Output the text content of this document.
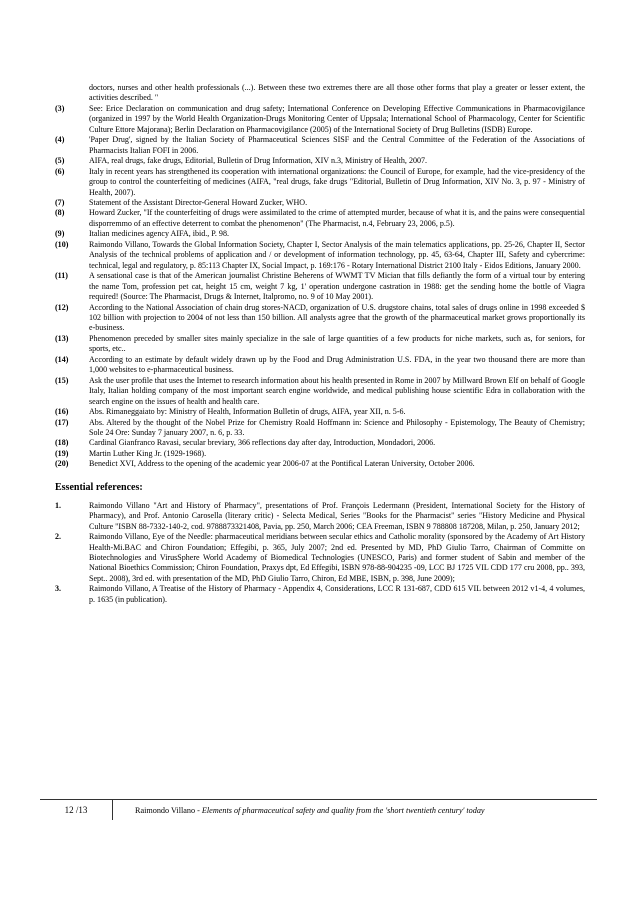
doctors, nurses and other health professionals (...). Between these two extremes there are all those other forms that play a greater or lesser extent, the activities described. "
(3)	See: Erice Declaration on communication and drug safety; International Conference on Developing Effective Communications in Pharmacovigilance (organized in 1997 by the World Health Organization-Drugs Monitoring Center of Uppsala; International School of Pharmacology, Center for Scientific Culture Ettore Majorana); Berlin Declaration on Pharmacovigilance (2005) of the International Society of Drug Bulletins (ISDB) Europe.
(4)	'Paper Drug', signed by the Italian Society of Pharmaceutical Sciences SISF and the Central Committee of the Federation of the Associations of Pharmacists Italian FOFI in 2006.
(5)	AIFA, real drugs, fake drugs, Editorial, Bulletin of Drug Information, XIV n.3, Ministry of Health, 2007.
(6)	Italy in recent years has strengthened its cooperation with international organizations: the Council of Europe, for example, had the vice-presidency of the group to control the counterfeiting of medicines (AIFA, "real drugs, fake drugs "Editorial, Bulletin of Drug Information, XIV No. 3, p. 97 - Ministry of Health, 2007).
(7)	Statement of the Assistant Director-General Howard Zucker, WHO.
(8)	Howard Zucker, "If the counterfeiting of drugs were assimilated to the crime of attempted murder, because of what it is, and the pains were consequential disporremmo of an effective deterrent to combat the phenomenon" (The Pharmacist, n.4, February 23, 2006, p.5).
(9)	Italian medicines agency AIFA, ibid., P. 98.
(10)	Raimondo Villano, Towards the Global Information Society, Chapter I, Sector Analysis of the main telematics applications, pp. 25-26, Chapter II, Sector Analysis of the technical problems of application and / or development of information technology, pp. 45, 63-64, Chapter III, Safety and cybercrime: technical, legal and regulatory, p. 85:113 Chapter IX, Social Impact, p. 169:176 - Rotary International District 2100 Italy - Eidos Editions, January 2000.
(11)	A sensational case is that of the American journalist Christine Beherens of WWMT TV Mician that fills defiantly the form of a virtual tour by entering the name Tom, profession pet cat, height 15 cm, weight 7 kg, 1' operation undergone castration in 1988: get the sending home the bottle of Viagra required! (Source: The Pharmacist, Drugs & Internet, Italpromo, no. 9 of 10 May 2001).
(12)	According to the National Association of chain drug stores-NACD, organization of U.S. drugstore chains, total sales of drugs online in 1998 exceeded $ 102 billion with projection to 2004 of not less than 150 billion. All analysts agree that the growth of the pharmaceutical market grows proportionally its e-business.
(13)	Phenomenon preceded by smaller sites mainly specialize in the sale of large quantities of a few products for niche markets, such as, for seniors, for sports, etc..
(14)	According to an estimate by default widely drawn up by the Food and Drug Administration U.S. FDA, in the year two thousand there are more than 1,000 websites to e-pharmaceutical business.
(15)	Ask the user profile that uses the Internet to research information about his health presented in Rome in 2007 by Millward Brown Elf on behalf of Google Italy, Italian holding company of the most important search engine worldwide, and medical publishing house scientific Edra in collaboration with the search engine on the issues of health and health care.
(16)	Abs. Rimaneggaiato by: Ministry of Health, Information Bulletin of drugs, AIFA, year XII, n. 5-6.
(17)	Abs. Altered by the thought of the Nobel Prize for Chemistry Roald Hoffmann in: Science and Philosophy - Epistemology, The Beauty of Chemistry; Sole 24 Ore: Sunday 7 january 2007, n. 6, p. 33.
(18)	Cardinal Gianfranco Ravasi, secular breviary, 366 reflections day after day, Introduction, Mondadori, 2006.
(19)	Martin Luther King Jr. (1929-1968).
(20)	Benedict XVI, Address to the opening of the academic year 2006-07 at the Pontifical Lateran University, October 2006.
Essential references:
1.	Raimondo Villano "Art and History of Pharmacy", presentations of Prof. François Ledermann (President, International Society for the History of Pharmacy), and Prof. Antonio Carosella (literary critic) - Selecta Medical, Series "Books for the Pharmacist" series "History Medicine and Physical Culture "ISBN 88-7332-140-2, cod. 9788873321408, Pavia, pp. 250, March 2006; CEA Freeman, ISBN 9 788808 187208, Milan, p. 250, January 2012;
2.	Raimondo Villano, Eye of the Needle: pharmaceutical meridians between secular ethics and Catholic morality (sponsored by the Academy of Art History Health-Mi.BAC and Chiron Foundation; Effegibi, p. 365, July 2007; 2nd ed. Presented by MD, PhD Giulio Tarro, Chairman of Committe on Biotechnologies and VirusSphere World Academy of Biomedical Technologies (UNESCO, Paris) and former student of Sabin and member of the National Bioethics Commission; Chiron Foundation, Praxys dpt, Ed Effegibi, ISBN 978-88-904235 -09, LCC BJ 1725 VIL CDD 177 cru 2008, pp.. 393, Sept.. 2008), 3rd ed. with presentation of the MD, PhD Giulio Tarro, Chiron, Ed MBE, ISBN, p. 398, June 2009);
3.	Raimondo Villano, A Treatise of the History of Pharmacy - Appendix 4, Considerations, LCC R 131-687, CDD 615 VIL between 2012 v1-4, 4 volumes, p. 1635 (in publication).
12 /13	Raimondo Villano - Elements of pharmaceutical safety and quality from the 'short twentieth century' today
